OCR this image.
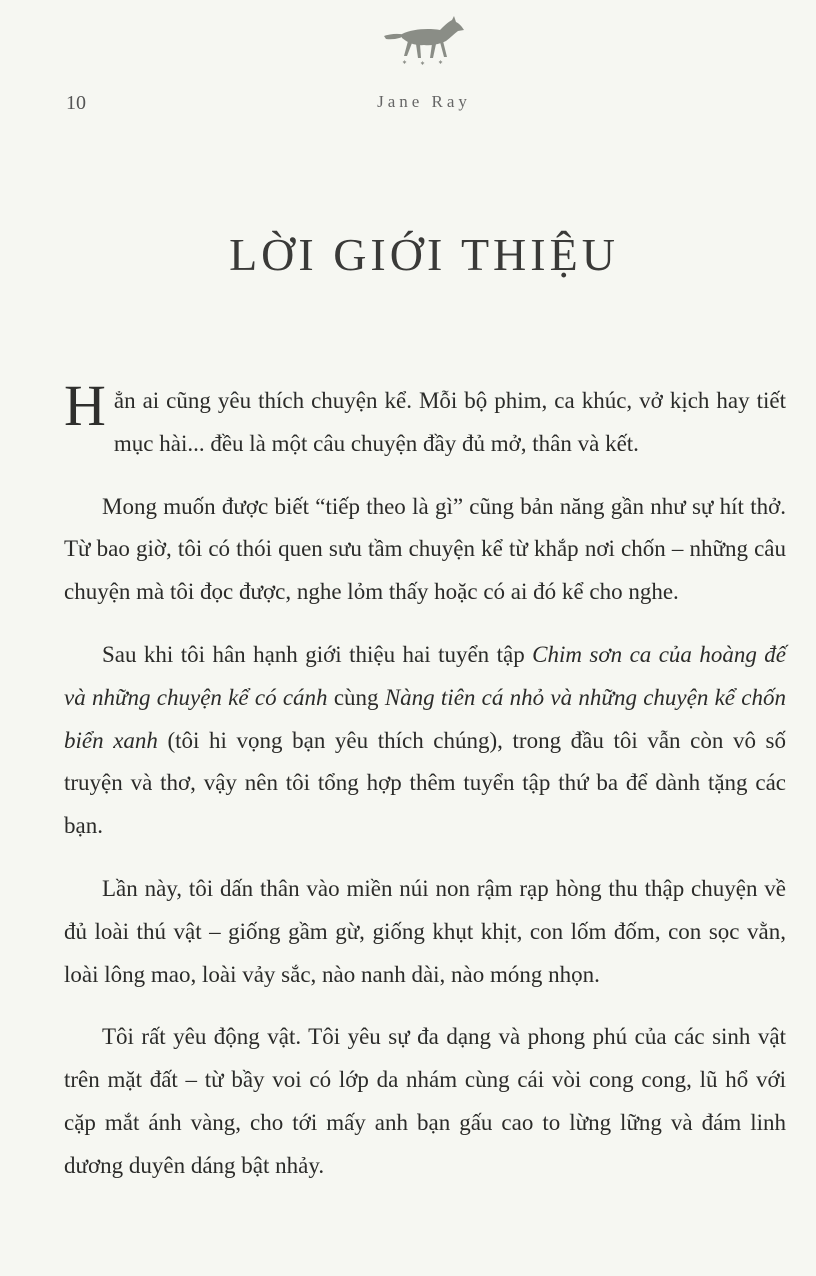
∗ ∗ ∗
10	Jane Ray
LỜI GIỚI THIỆU

Hẳn ai cũng yêu thích chuyện kể. Mỗi bộ phim, ca khúc, vở kịch hay tiết mục hài... đều là một câu chuyện đầy đủ mở, thân và kết.

Mong muốn được biết “tiếp theo là gì” cũng bản năng gần như sự hít thở. Từ bao giờ, tôi có thói quen sưu tầm chuyện kể từ khắp nơi chốn – những câu chuyện mà tôi đọc được, nghe lỏm thấy hoặc có ai đó kể cho nghe.

Sau khi tôi hân hạnh giới thiệu hai tuyển tập Chim sơn ca của hoàng đế và những chuyện kể có cánh cùng Nàng tiên cá nhỏ và những chuyện kể chốn biển xanh (tôi hi vọng bạn yêu thích chúng), trong đầu tôi vẫn còn vô số truyện và thơ, vậy nên tôi tổng hợp thêm tuyển tập thứ ba để dành tặng các bạn.

Lần này, tôi dấn thân vào miền núi non rậm rạp hòng thu thập chuyện về đủ loài thú vật – giống gầm gừ, giống khụt khịt, con lốm đốm, con sọc vằn, loài lông mao, loài vảy sắc, nào nanh dài, nào móng nhọn.

Tôi rất yêu động vật. Tôi yêu sự đa dạng và phong phú của các sinh vật trên mặt đất – từ bầy voi có lớp da nhám cùng cái vòi cong cong, lũ hổ với cặp mắt ánh vàng, cho tới mấy anh bạn gấu cao to lừng lững và đám linh dương duyên dáng bật nhảy.
